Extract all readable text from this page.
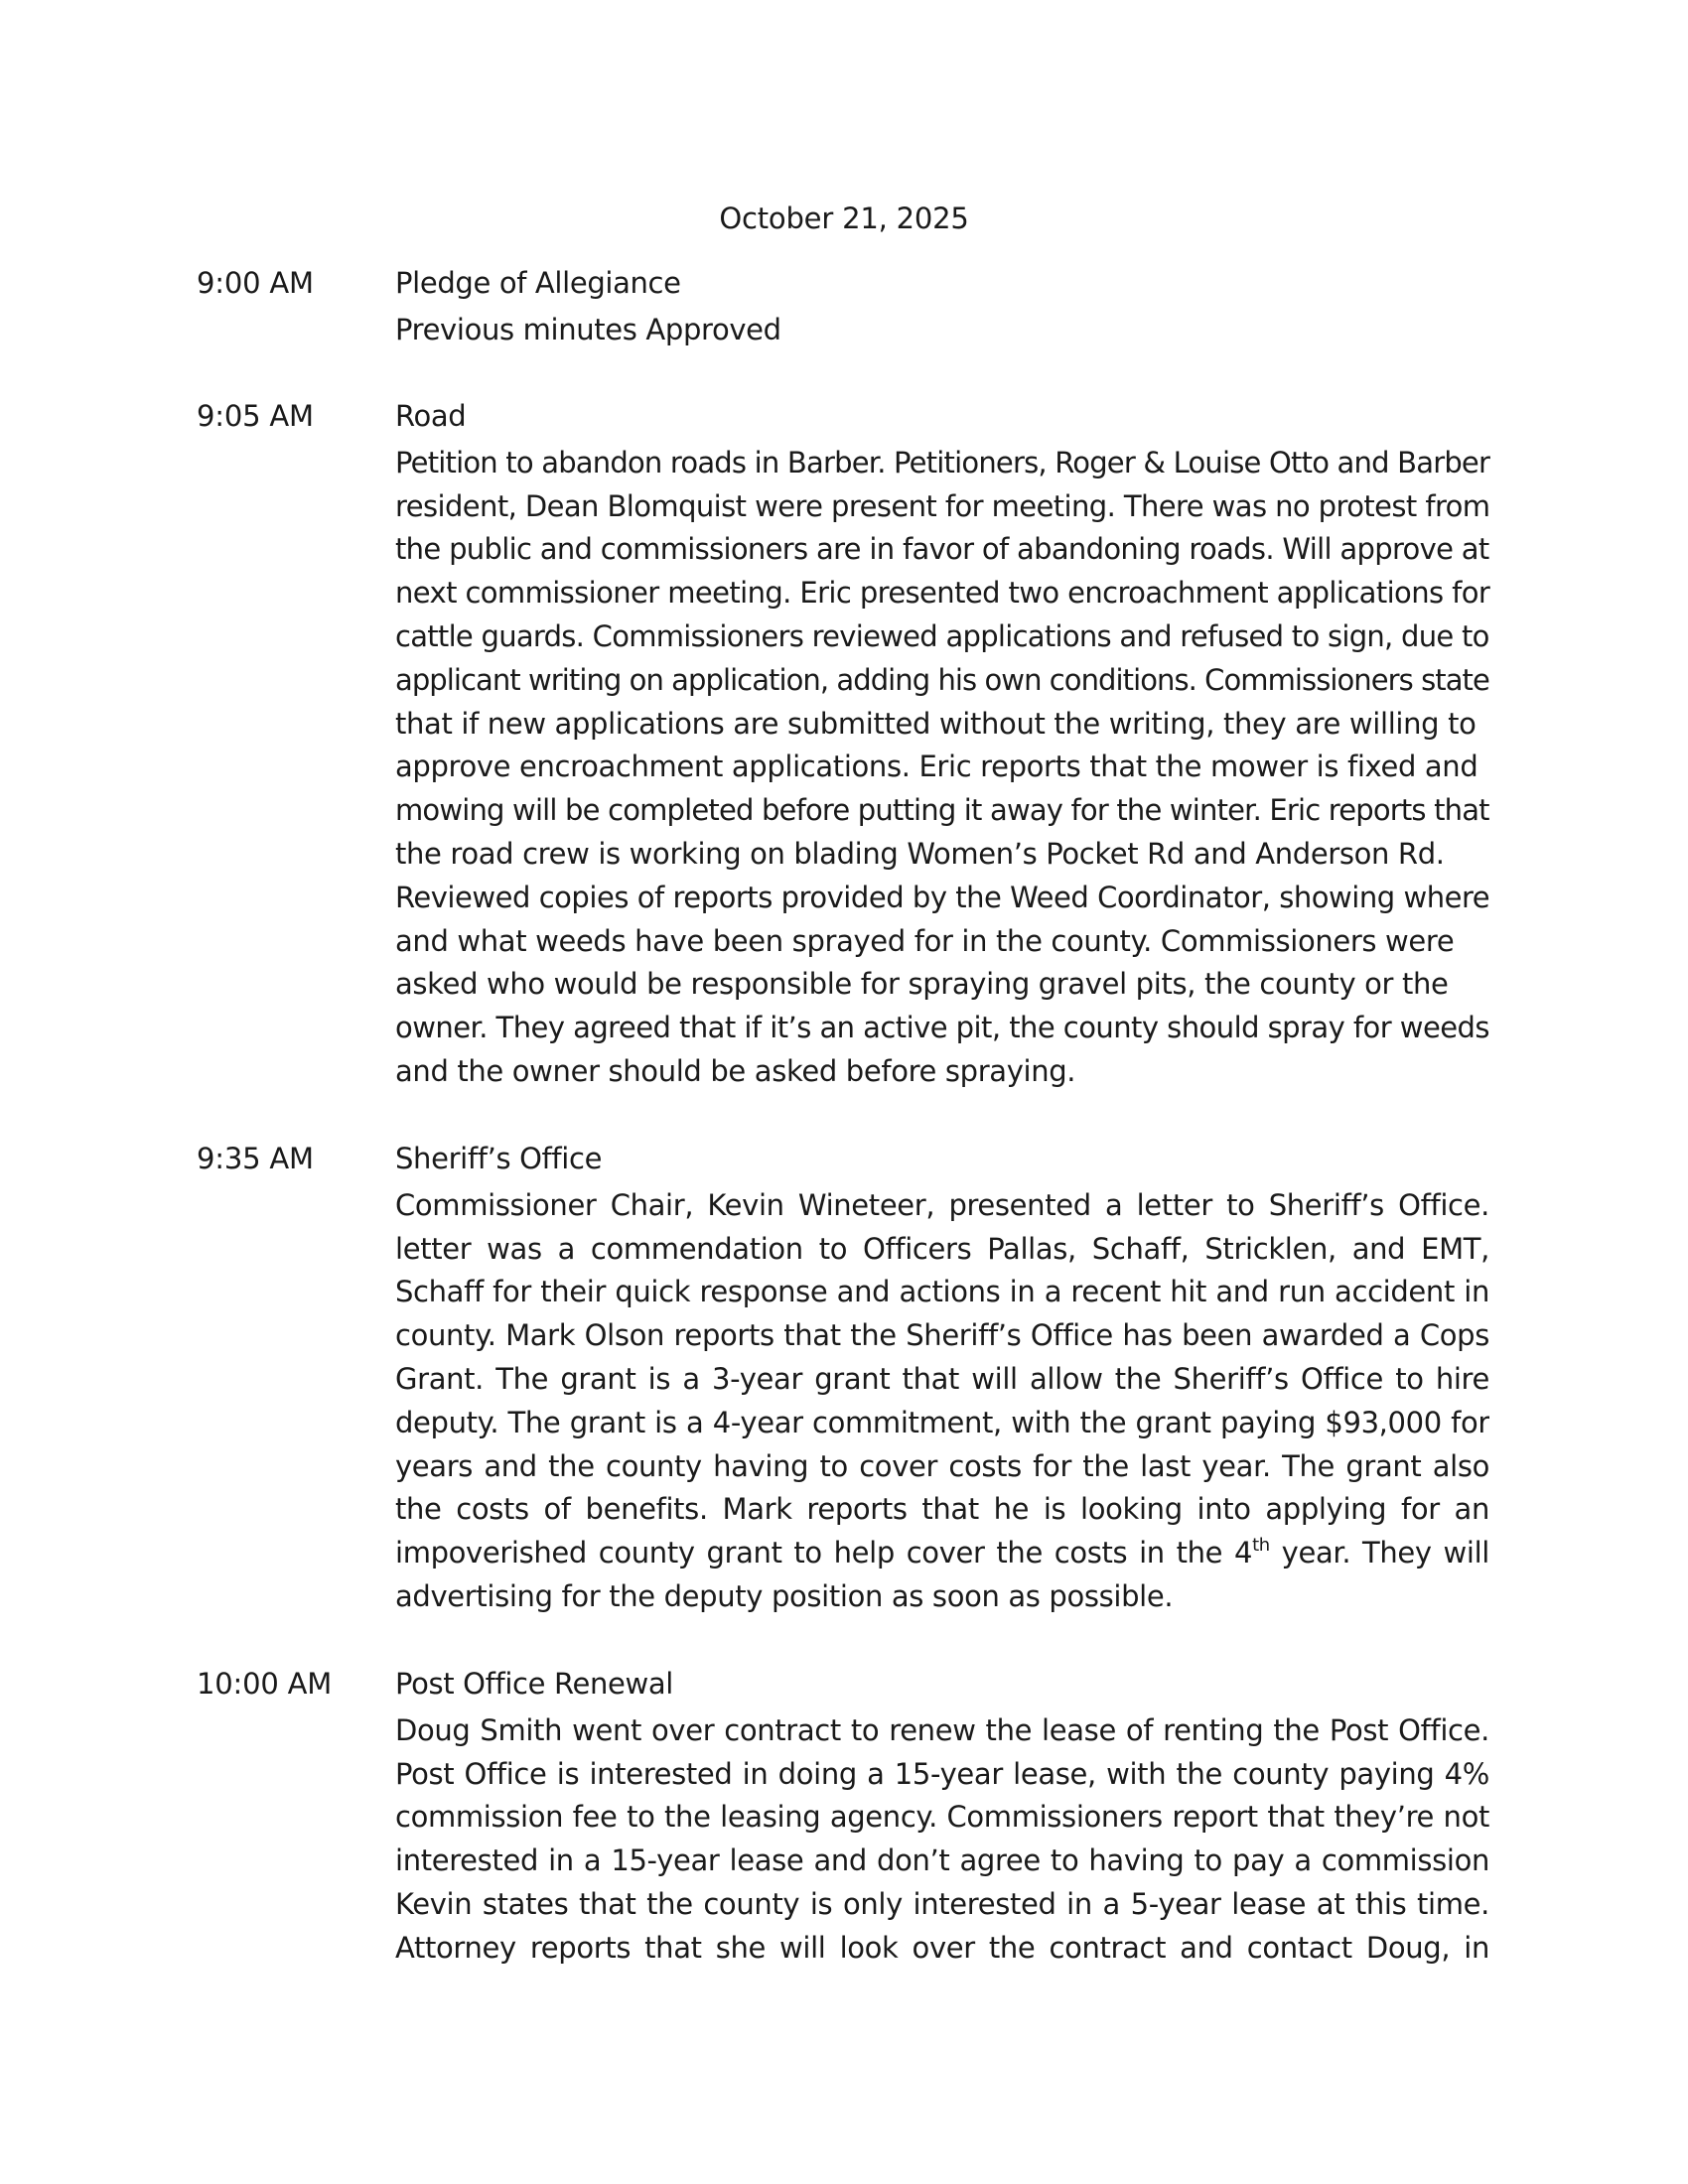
October 21, 2025
9:00 AM	Pledge of Allegiance
Previous minutes Approved
9:05 AM	Road
Petition to abandon roads in Barber. Petitioners, Roger & Louise Otto and Barber
resident, Dean Blomquist were present for meeting. There was no protest from
the public and commissioners are in favor of abandoning roads. Will approve at
next commissioner meeting. Eric presented two encroachment applications for
cattle guards. Commissioners reviewed applications and refused to sign, due to
applicant writing on application, adding his own conditions. Commissioners state
that if new applications are submitted without the writing, they are willing to
approve encroachment applications. Eric reports that the mower is fixed and
mowing will be completed before putting it away for the winter. Eric reports that
the road crew is working on blading Women’s Pocket Rd and Anderson Rd.
Reviewed copies of reports provided by the Weed Coordinator, showing where
and what weeds have been sprayed for in the county. Commissioners were
asked who would be responsible for spraying gravel pits, the county or the
owner. They agreed that if it’s an active pit, the county should spray for weeds
and the owner should be asked before spraying.
9:35 AM	Sheriff’s Office
Commissioner Chair, Kevin Wineteer, presented a letter to Sheriff’s Office.
letter was a commendation to Officers Pallas, Schaff, Stricklen, and EMT,
Schaff for their quick response and actions in a recent hit and run accident in
county. Mark Olson reports that the Sheriff’s Office has been awarded a Cops
Grant. The grant is a 3-year grant that will allow the Sheriff’s Office to hire
deputy. The grant is a 4-year commitment, with the grant paying $93,000 for
years and the county having to cover costs for the last year. The grant also
the costs of benefits. Mark reports that he is looking into applying for an
impoverished county grant to help cover the costs in the 4th year. They will
advertising for the deputy position as soon as possible.
10:00 AM Post Office Renewal
Doug Smith went over contract to renew the lease of renting the Post Office.
Post Office is interested in doing a 15-year lease, with the county paying 4%
commission fee to the leasing agency. Commissioners report that they’re not
interested in a 15-year lease and don’t agree to having to pay a commission
Kevin states that the county is only interested in a 5-year lease at this time.
Attorney reports that she will look over the contract and contact Doug, in
